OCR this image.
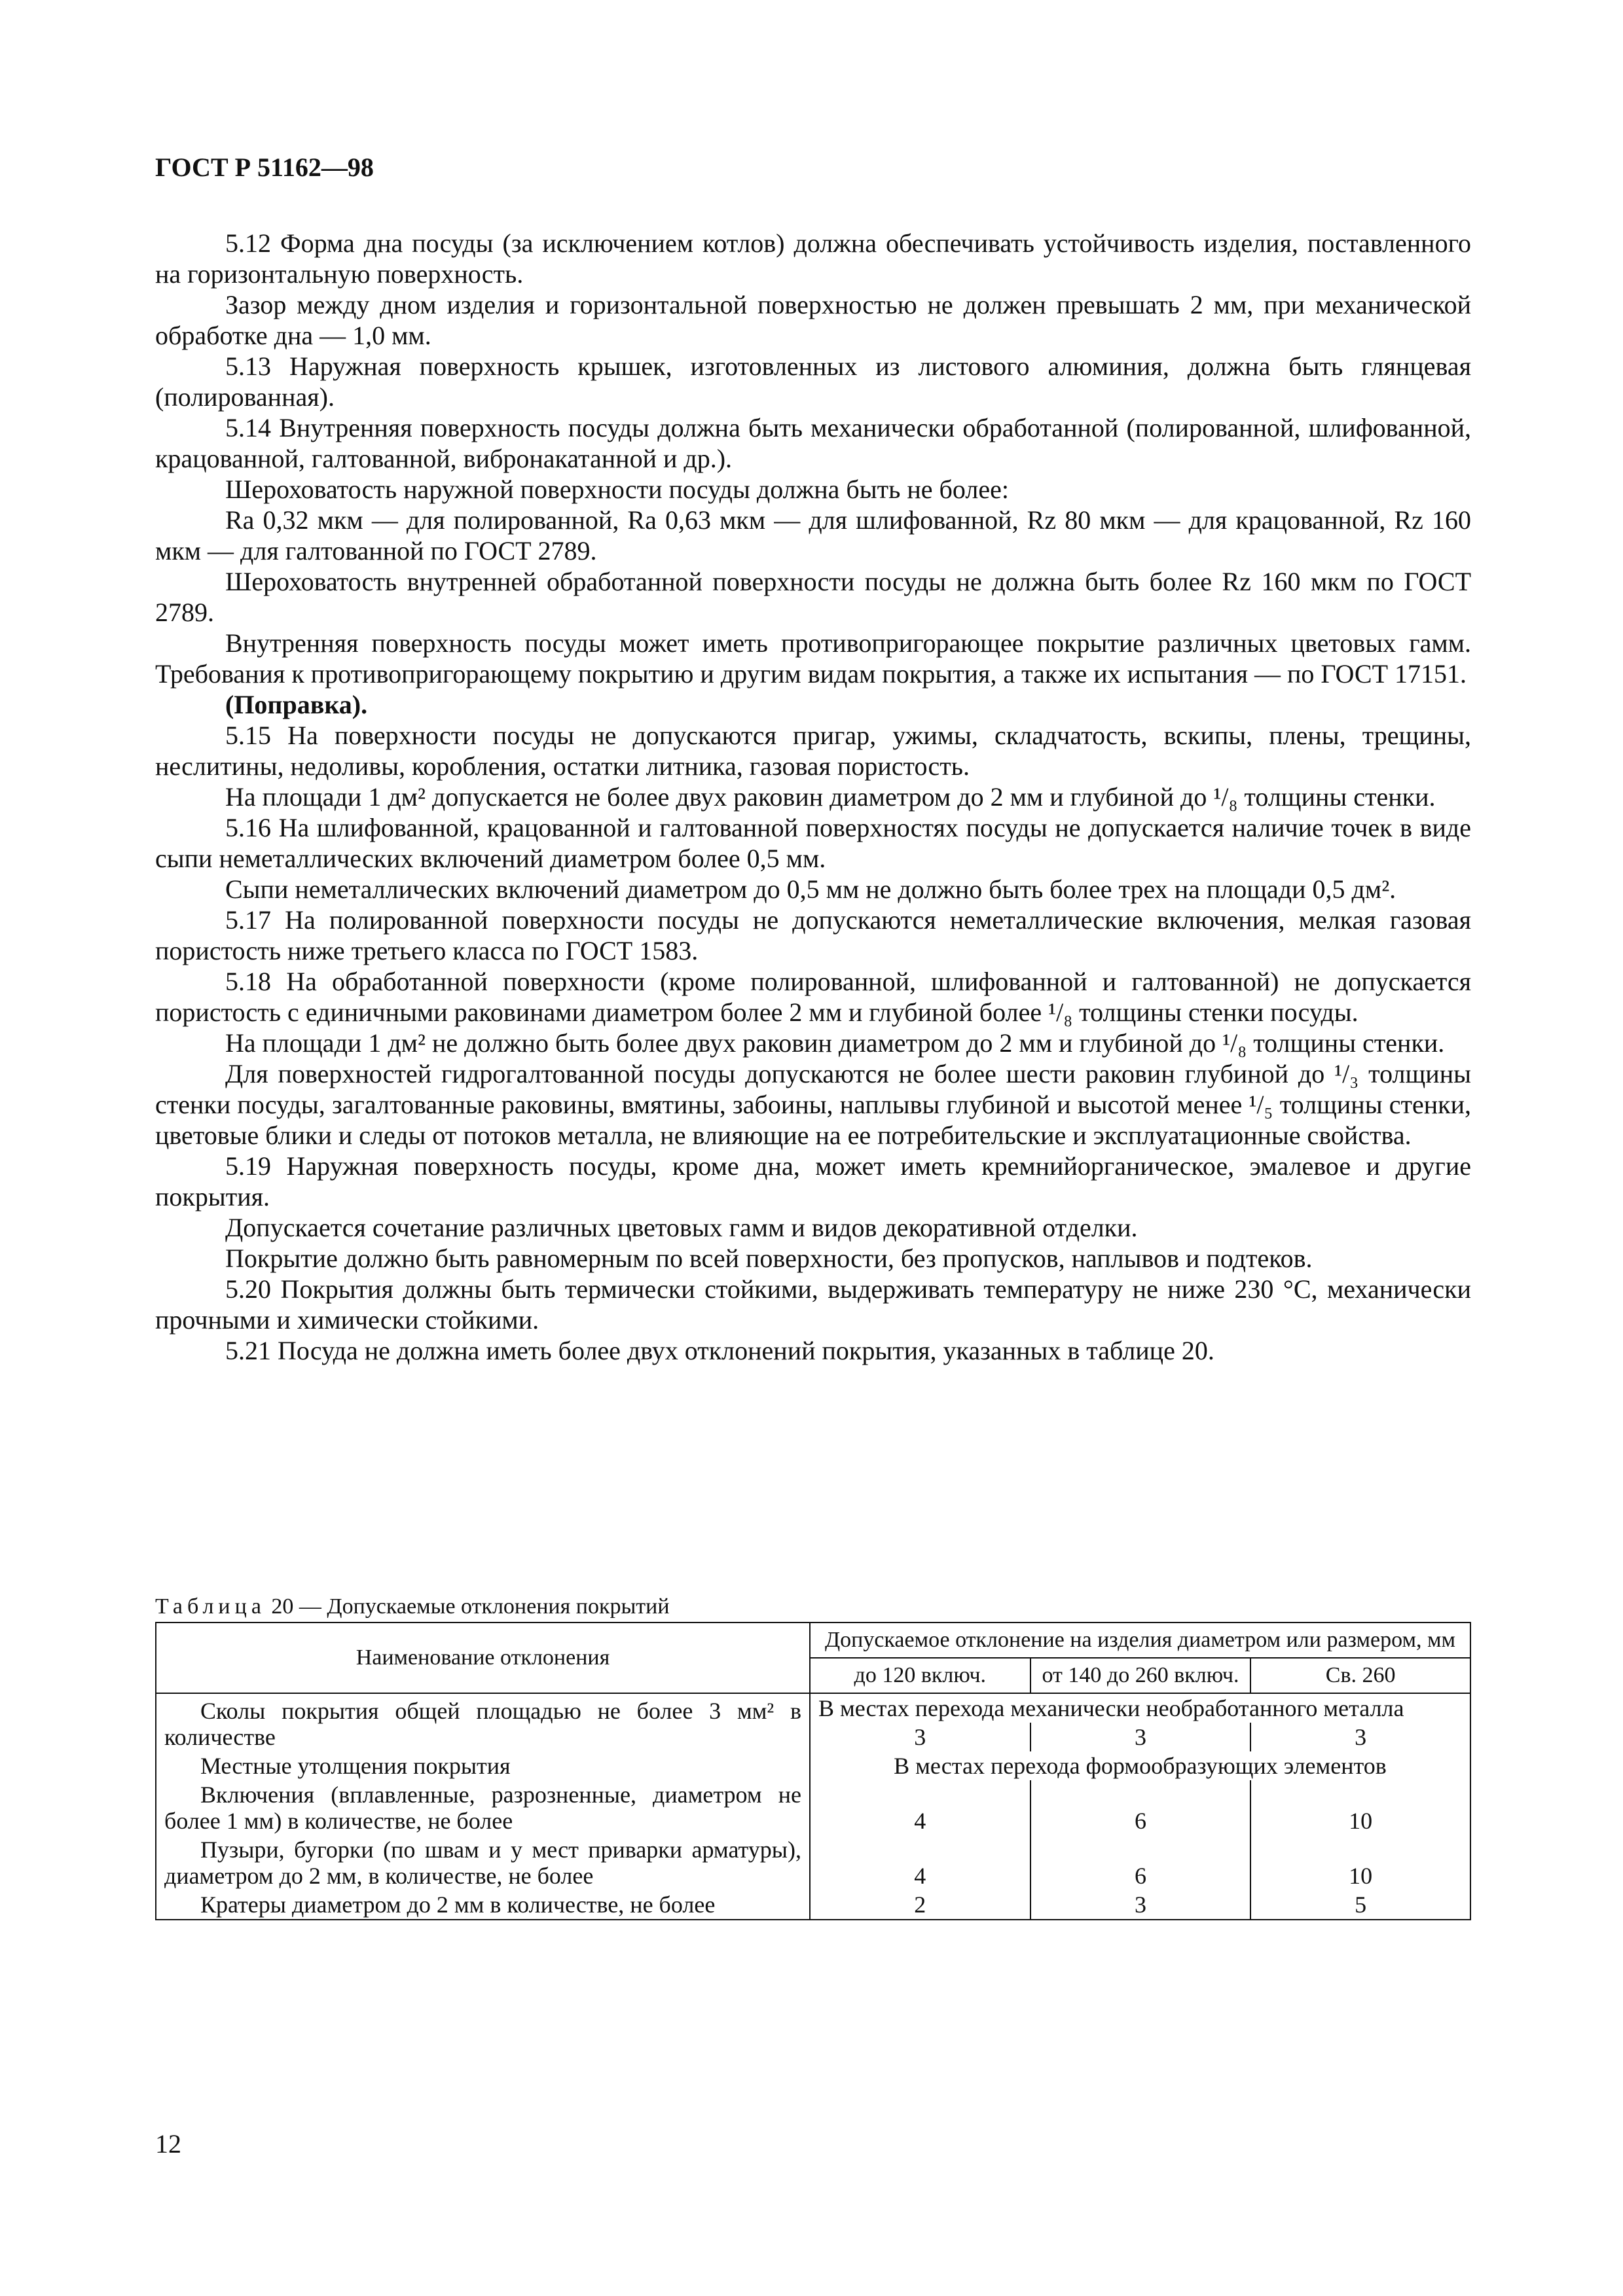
ГОСТ Р 51162—98

5.12 Форма дна посуды (за исключением котлов) должна обеспечивать устойчивость изделия, поставленного на горизонтальную поверхность.

Зазор между дном изделия и горизонтальной поверхностью не должен превышать 2 мм, при механической обработке дна — 1,0 мм.

5.13 Наружная поверхность крышек, изготовленных из листового алюминия, должна быть глянцевая (полированная).

5.14 Внутренняя поверхность посуды должна быть механически обработанной (полированной, шлифованной, крацованной, галтованной, вибронакатанной и др.).

Шероховатость наружной поверхности посуды должна быть не более:

Ra 0,32 мкм — для полированной, Ra 0,63 мкм — для шлифованной, Rz 80 мкм — для крацованной, Rz 160 мкм — для галтованной по ГОСТ 2789.

Шероховатость внутренней обработанной поверхности посуды не должна быть более Rz 160 мкм по ГОСТ 2789.

Внутренняя поверхность посуды может иметь противопригорающее покрытие различных цветовых гамм. Требования к противопригорающему покрытию и другим видам покрытия, а также их испытания — по ГОСТ 17151.

(Поправка).

5.15 На поверхности посуды не допускаются пригар, ужимы, складчатость, вскипы, плены, трещины, неслитины, недоливы, коробления, остатки литника, газовая пористость.

На площади 1 дм² допускается не более двух раковин диаметром до 2 мм и глубиной до ¹/₈ толщины стенки.

5.16 На шлифованной, крацованной и галтованной поверхностях посуды не допускается наличие точек в виде сыпи неметаллических включений диаметром более 0,5 мм.

Сыпи неметаллических включений диаметром до 0,5 мм не должно быть более трех на площади 0,5 дм².

5.17 На полированной поверхности посуды не допускаются неметаллические включения, мелкая газовая пористость ниже третьего класса по ГОСТ 1583.

5.18 На обработанной поверхности (кроме полированной, шлифованной и галтованной) не допускается пористость с единичными раковинами диаметром более 2 мм и глубиной более ¹/₈ толщины стенки посуды.

На площади 1 дм² не должно быть более двух раковин диаметром до 2 мм и глубиной до ¹/₈ толщины стенки.

Для поверхностей гидрогалтованной посуды допускаются не более шести раковин глубиной до ¹/₃ толщины стенки посуды, загалтованные раковины, вмятины, забоины, наплывы глубиной и высотой менее ¹/₅ толщины стенки, цветовые блики и следы от потоков металла, не влияющие на ее потребительские и эксплуатационные свойства.

5.19 Наружная поверхность посуды, кроме дна, может иметь кремнийорганическое, эмалевое и другие покрытия.

Допускается сочетание различных цветовых гамм и видов декоративной отделки.

Покрытие должно быть равномерным по всей поверхности, без пропусков, наплывов и подтеков.

5.20 Покрытия должны быть термически стойкими, выдерживать температуру не ниже 230 °С, механически прочными и химически стойкими.

5.21 Посуда не должна иметь более двух отклонений покрытия, указанных в таблице 20.

Таблица 20 — Допускаемые отклонения покрытий
Наименование отклонения	Допускаемое отклонение на изделия диаметром или размером, мм		
	до 120 включ.	от 140 до 260 включ.	Св. 260

Сколы покрытия общей площадью не более 3 мм² в количестве	В местах перехода механически необработанного металла		
	3	3	3

Местные утолщения покрытия	В местах перехода формообразующих элементов		

Включения (вплавленные, разрозненные, диаметром не более 1 мм) в количестве, не более	4	6	10

Пузыри, бугорки (по швам и у мест приварки арматуры), диаметром до 2 мм, в количестве, не более	4	6	10

Кратеры диаметром до 2 мм в количестве, не более	2	3	5
12
